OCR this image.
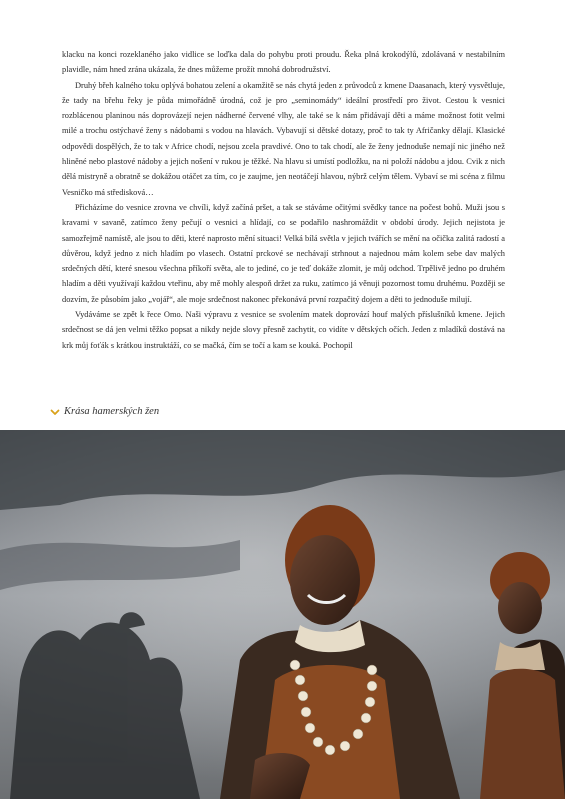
klacku na konci rozeklaného jako vidlice se loďka dala do pohybu proti proudu. Řeka plná krokodýlů, zdolávaná v nestabilním plavidle, nám hned zrána ukázala, že dnes můžeme prožít mnohá dobrodružství.

Druhý břeh kalného toku oplývá bohatou zelení a okamžitě se nás chytá jeden z průvodců z kmene Daasanach, který vysvětluje, že tady na břehu řeky je půda mimořádně úrodná, což je pro „seminomády“ ideální prostředí pro život. Cestou k vesnici rozblácenou planinou nás doprovázejí nejen nádherné červené vlhy, ale také se k nám přidávají děti a máme možnost fotit velmi milé a trochu ostýchavé ženy s nádobami s vodou na hlavách. Vybavují si dětské dotazy, proč to tak ty Afričanky dělají. Klasické odpovědi dospělých, že to tak v Africe chodí, nejsou zcela pravdivé. Ono to tak chodí, ale že ženy jednoduše nemají nic jiného než hliněné nebo plastové nádoby a jejich nošení v rukou je těžké. Na hlavu si umístí podložku, na ni položí nádobu a jdou. Cvik z nich dělá mistryně a obratně se dokážou otáčet za tím, co je zaujme, jen neotáčejí hlavou, nýbrž celým tělem. Vybaví se mi scéna z filmu Vesničko má středisková…

Přicházíme do vesnice zrovna ve chvíli, když začíná pršet, a tak se stáváme očitými svědky tance na počest bohů. Muži jsou s kravami v savaně, zatímco ženy pečují o vesnici a hlídají, co se podařilo nashromáždit v období úrody. Jejich nejistota je samozřejmě namístě, ale jsou to děti, které naprosto mění situaci! Velká bílá světla v jejich tvářích se mění na očička zalitá radostí a důvěrou, když jedno z nich hladím po vlasech. Ostatní prckové se nechávají strhnout a najednou mám kolem sebe dav malých srdečných dětí, které snesou všechna příkoří světa, ale to jediné, co je teď dokáže zlomit, je můj odchod. Trpělivě jedno po druhém hladím a děti využívají každou vteřinu, aby mě mohly alespoň držet za ruku, zatímco já věnuji pozornost tomu druhému. Později se dozvím, že působím jako „vojář“, ale moje srdečnost nakonec překonává první rozpačitý dojem a děti to jednoduše milují.

Vydáváme se zpět k řece Omo. Naši výpravu z vesnice se svolením matek doprovází houf malých příslušníků kmene. Jejich srdečnost se dá jen velmi těžko popsat a nikdy nejde slovy přesně zachytit, co vidíte v dětských očích. Jeden z mladíků dostává na krk můj foťák s krátkou instruktáží, co se mačká, čím se točí a kam se kouká. Pochopil

Krása hamerských žen
